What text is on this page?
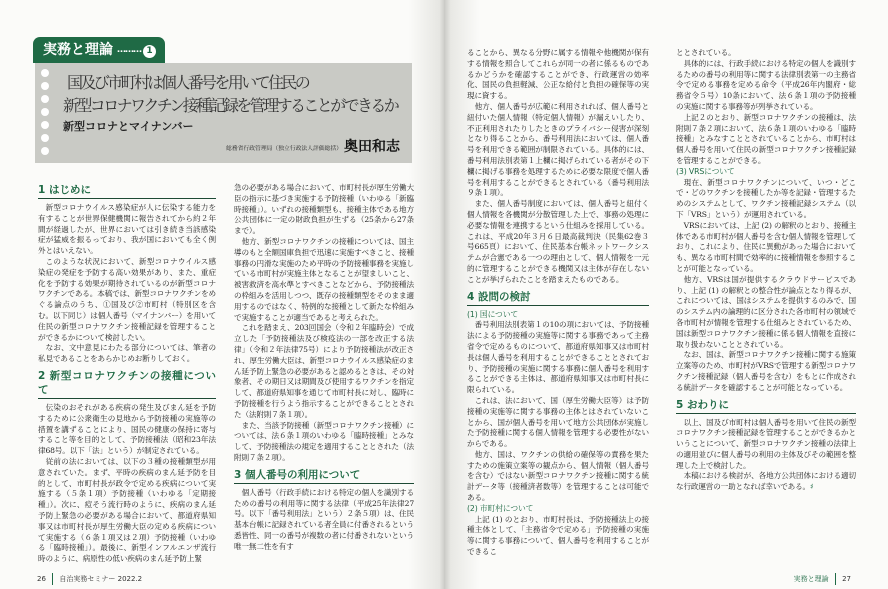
実務と理論 ……… 1
国及び市町村は個人番号を用いて住民の
新型コロナワクチン接種記録を管理することができるか
新型コロナとマイナンバー
総務省行政管理局（独立行政法人評価総括） 奥田和志
1 はじめに

新型コロナウイルス感染症が人に伝染する能力を有することが世界保健機関に報告されてから約２年間が経過したが、世界においては引き続き当該感染症が猛威を振るっており、我が国においても全く例外とはいえない。

このような状況において、新型コロナウイルス感染症の発症を予防する高い効果があり、また、重症化を予防する効果が期待されているのが新型コロナワクチンである。本稿では、新型コロナワクチンをめぐる論点のうち、①国及び②市町村（特別区を含む。以下同じ）は個人番号（マイナンバー）を用いて住民の新型コロナワクチン接種記録を管理することができるかについて検討したい。

なお、文中意見にわたる部分については、筆者の私見であることをあらかじめお断りしておく。

2 新型コロナワクチンの接種について

伝染のおそれがある疾病の発生及びまん延を予防するために公衆衛生の見地から予防接種の実施等の措置を講ずることにより、国民の健康の保持に寄与すること等を目的として、予防接種法（昭和23年法律68号。以下「法」という）が制定されている。

従前の法においては、以下の３種の接種類型が用意されていた。まず、平時の疾病のまん延予防を目的として、市町村長が政令で定める疾病について実施する（５条１項）予防接種（いわゆる「定期接種」）。次に、痘そう流行時のように、疾病のまん延予防上緊急の必要がある場合において、都道府県知事又は市町村長が厚生労働大臣の定める疾病について実施する（６条１項又は２項）予防接種（いわゆる「臨時接種」）。最後に、新型インフルエンザ流行時のように、病原性の低い疾病のまん延予防上緊

急の必要がある場合において、市町村長が厚生労働大臣の指示に基づき実施する予防接種（いわゆる「新臨時接種」）。いずれの接種類型も、接種主体である地方公共団体に一定の財政負担が生ずる（25条から27条まで）。

他方、新型コロナワクチンの接種については、国主導のもと全額国庫負担で迅速に実施すべきこと、接種事務の円滑な実施のため平時の予防接種事務を実施している市町村が実施主体となることが望ましいこと、被害救済を高水準とすべきことなどから、予防接種法の枠組みを活用しつつ、既存の接種類型をそのまま適用するのではなく、特例的な接種として新たな枠組みで実施することが適当であると考えられた。

これを踏まえ、203回国会（令和２年臨時会）で成立した「予防接種法及び検疫法の一部を改正する法律」（令和２年法律75号）により予防接種法が改正され、厚生労働大臣は、新型コロナウイルス感染症のまん延予防上緊急の必要があると認めるときは、その対象者、その期日又は期間及び使用するワクチンを指定して、都道府県知事を通じて市町村長に対し、臨時に予防接種を行うよう指示することができることとされた（法附則７条１項）。

また、当該予防接種（新型コロナワクチン接種）については、法６条１項のいわゆる「臨時接種」とみなして、予防接種法の規定を適用することとされた（法附則７条２項）。

3 個人番号の利用について

個人番号（行政手続における特定の個人を識別するための番号の利用等に関する法律（平成25年法律27号。以下「番号利用法」という）２条５項）は、住民基本台帳に記録されている者全員に付番されるという悉皆性、同一の番号が複数の者に付番されないという唯一無二性を有す

26 自治実務セミナー 2022.2

ることから、異なる分野に属する情報や他機関が保有する情報を照合してこれらが同一の者に係るものであるかどうかを確認することができ、行政運営の効率化、国民の負担軽減、公正な給付と負担の確保等の実現に資する。

他方、個人番号が広範に利用されれば、個人番号と紐付いた個人情報（特定個人情報）が漏えいしたり、不正利用されたりしたときのプライバシー侵害が深刻となり得ることから、番号利用法においては、個人番号を利用できる範囲が制限されている。具体的には、番号利用法別表第１上欄に掲げられている者がその下欄に掲げる事務を処理するために必要な限度で個人番号を利用することができるとされている（番号利用法９条１項）。

また、個人番号制度においては、個人番号と紐付く個人情報を各機関が分散管理した上で、事務の処理に必要な情報を連携するという仕組みを採用している。これは、平成20年３月６日最高裁判決（民集62巻３号665頁）において、住民基本台帳ネットワークシステムが合憲である一つの理由として、個人情報を一元的に管理することができる機関又は主体が存在しないことが挙げられたことを踏まえたものである。

4 設問の検討
(1) 国について

番号利用法別表第１の10の項においては、予防接種法による予防接種の実施等に関する事務であって主務省令で定めるものについて、都道府県知事又は市町村長は個人番号を利用することができることとされており、予防接種の実施に関する事務に個人番号を利用することができる主体は、都道府県知事又は市町村長に限られている。

これは、法において、国（厚生労働大臣等）は予防接種の実施等に関する事務の主体とはされていないことから、国が個人番号を用いて地方公共団体が実施した予防接種に関する個人情報を管理する必要性がないからである。

他方、国は、ワクチンの供給の確保等の責務を果たすための施策立案等の観点から、個人情報（個人番号を含む）ではない新型コロナワクチン接種に関する統計データ等（接種済者数等）を管理することは可能である。

(2) 市町村について

上記 (1) のとおり、市町村長は、予防接種法上の接種主体として、「主務省令で定める」予防接種の実施等に関する事務について、個人番号を利用することができるこ

ととされている。

具体的には、行政手続における特定の個人を識別するための番号の利用等に関する法律別表第一の主務省令で定める事務を定める命令（平成26年内閣府・総務省令５号）10条において、法６条１項の予防接種の実施に関する事務等が列挙されている。

上記２のとおり、新型コロナワクチンの接種は、法附則７条２項において、法６条１項のいわゆる「臨時接種」とみなすこととされていることから、市町村は個人番号を用いて住民の新型コロナワクチン接種記録を管理することができる。

(3) VRSについて

現在、新型コロナワクチンについて、いつ・どこで・どのワクチンを接種したか等を記録・管理するためのシステムとして、ワクチン接種記録システム（以下「VRS」という）が運用されている。

VRSにおいては、上記 (2) の解釈のとおり、接種主体である市町村が個人番号を含む個人情報を管理しており、これにより、住民に異動があった場合においても、異なる市町村間で効率的に接種情報を参照することが可能となっている。

他方、VRSは国が提供するクラウドサービスであり、上記 (1) の解釈との整合性が論点となり得るが、これについては、国はシステムを提供するのみで、国のシステム内の論理的に区分された各市町村の領域で各市町村が情報を管理する仕組みとされているため、国は新型コロナワクチン接種に係る個人情報を直接に取り扱わないこととされている。

なお、国は、新型コロナワクチン接種に関する施策立案等のため、市町村がVRSで管理する新型コロナワクチン接種記録（個人番号を含む）をもとに作成される統計データを確認することが可能となっている。

5 おわりに

以上、国及び市町村は個人番号を用いて住民の新型コロナワクチン接種記録を管理することができるかということについて、新型コロナワクチン接種の法律上の適用並びに個人番号の利用の主体及びその範囲を整理した上で検討した。

本稿における検討が、各地方公共団体における適切な行政運営の一助となれば幸いである。♯

実務と理論 27
